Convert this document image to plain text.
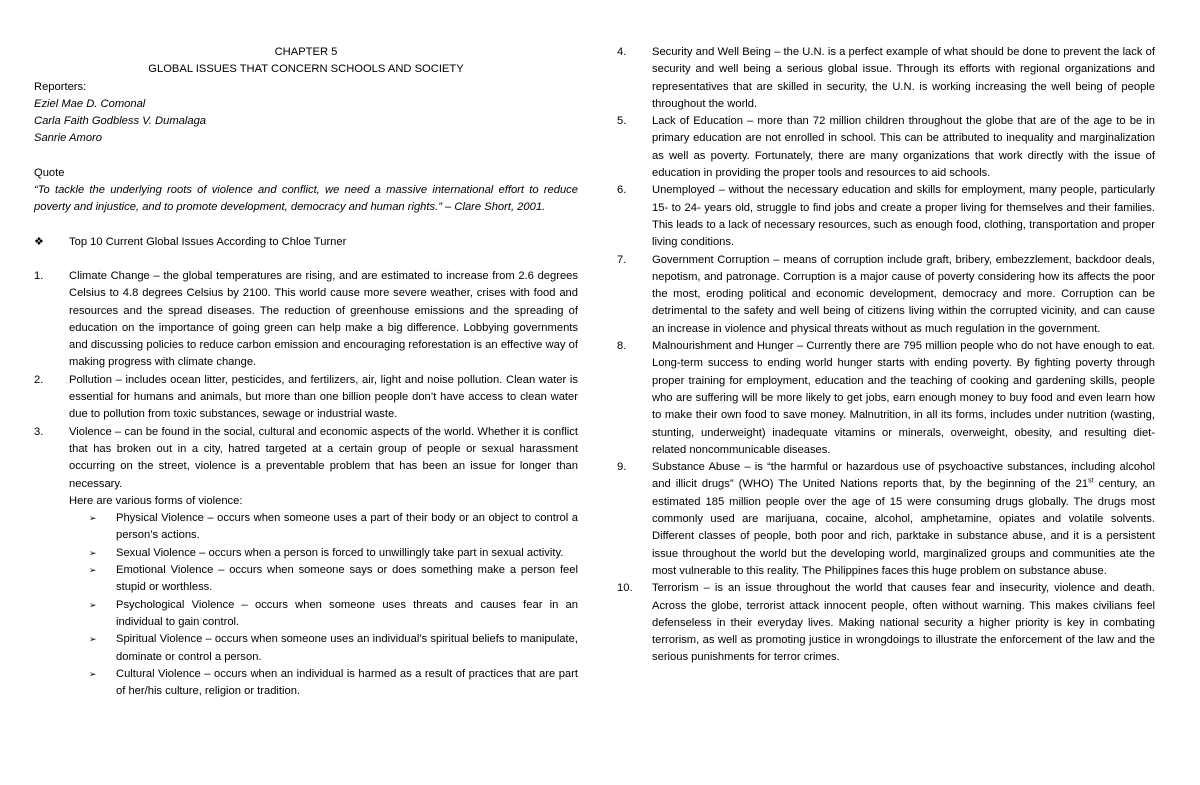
CHAPTER 5
GLOBAL ISSUES THAT CONCERN SCHOOLS AND SOCIETY
Reporters:
Eziel Mae D. Comonal
Carla Faith Godbless V. Dumalaga
Sanrie Amoro
Quote
“To tackle the underlying roots of violence and conflict, we need a massive international effort to reduce poverty and injustice, and to promote development, democracy and human rights.” – Clare Short, 2001.
❖	Top 10 Current Global Issues According to Chloe Turner
1.	Climate Change – the global temperatures are rising, and are estimated to increase from 2.6 degrees Celsius to 4.8 degrees Celsius by 2100. This world cause more severe weather, crises with food and resources and the spread diseases. The reduction of greenhouse emissions and the spreading of education on the importance of going green can help make a big difference. Lobbying governments and discussing policies to reduce carbon emission and encouraging reforestation is an effective way of making progress with climate change.
2.	Pollution – includes ocean litter, pesticides, and fertilizers, air, light and noise pollution. Clean water is essential for humans and animals, but more than one billion people don’t have access to clean water due to pollution from toxic substances, sewage or industrial waste.
3.	Violence – can be found in the social, cultural and economic aspects of the world. Whether it is conflict that has broken out in a city, hatred targeted at a certain group of people or sexual harassment occurring on the street, violence is a preventable problem that has been an issue for longer than necessary.
Here are various forms of violence:
➢	Physical Violence – occurs when someone uses a part of their body or an object to control a person’s actions.
➢	Sexual Violence – occurs when a person is forced to unwillingly take part in sexual activity.
➢	Emotional Violence – occurs when someone says or does something make a person feel stupid or worthless.
➢	Psychological Violence – occurs when someone uses threats and causes fear in an individual to gain control.
➢	Spiritual Violence – occurs when someone uses an individual’s spiritual beliefs to manipulate, dominate or control a person.
➢	Cultural Violence – occurs when an individual is harmed as a result of practices that are part of her/his culture, religion or tradition.
4.	Security and Well Being – the U.N. is a perfect example of what should be done to prevent the lack of security and well being a serious global issue. Through its efforts with regional organizations and representatives that are skilled in security, the U.N. is working increasing the well being of people throughout the world.
5.	Lack of Education – more than 72 million children throughout the globe that are of the age to be in primary education are not enrolled in school. This can be attributed to inequality and marginalization as well as poverty. Fortunately, there are many organizations that work directly with the issue of education in providing the proper tools and resources to aid schools.
6.	Unemployed – without the necessary education and skills for employment, many people, particularly 15- to 24- years old, struggle to find jobs and create a proper living for themselves and their families. This leads to a lack of necessary resources, such as enough food, clothing, transportation and proper living conditions.
7.	Government Corruption – means of corruption include graft, bribery, embezzlement, backdoor deals, nepotism, and patronage. Corruption is a major cause of poverty considering how its affects the poor the most, eroding political and economic development, democracy and more. Corruption can be detrimental to the safety and well being of citizens living within the corrupted vicinity, and can cause an increase in violence and physical threats without as much regulation in the government.
8.	Malnourishment and Hunger – Currently there are 795 million people who do not have enough to eat. Long-term success to ending world hunger starts with ending poverty. By fighting poverty through proper training for employment, education and the teaching of cooking and gardening skills, people who are suffering will be more likely to get jobs, earn enough money to buy food and even learn how to make their own food to save money. Malnutrition, in all its forms, includes under nutrition (wasting, stunting, underweight) inadequate vitamins or minerals, overweight, obesity, and resulting diet- related noncommunicable diseases.
9.	Substance Abuse – is “the harmful or hazardous use of psychoactive substances, including alcohol and illicit drugs” (WHO) The United Nations reports that, by the beginning of the 21st century, an estimated 185 million people over the age of 15 were consuming drugs globally. The drugs most commonly used are marijuana, cocaine, alcohol, amphetamine, opiates and volatile solvents. Different classes of people, both poor and rich, parktake in substance abuse, and it is a persistent issue throughout the world but the developing world, marginalized groups and communities ate the most vulnerable to this reality. The Philippines faces this huge problem on substance abuse.
10.	Terrorism – is an issue throughout the world that causes fear and insecurity, violence and death. Across the globe, terrorist attack innocent people, often without warning. This makes civilians feel defenseless in their everyday lives. Making national security a higher priority is key in combating terrorism, as well as promoting justice in wrongdoings to illustrate the enforcement of the law and the serious punishments for terror crimes.
